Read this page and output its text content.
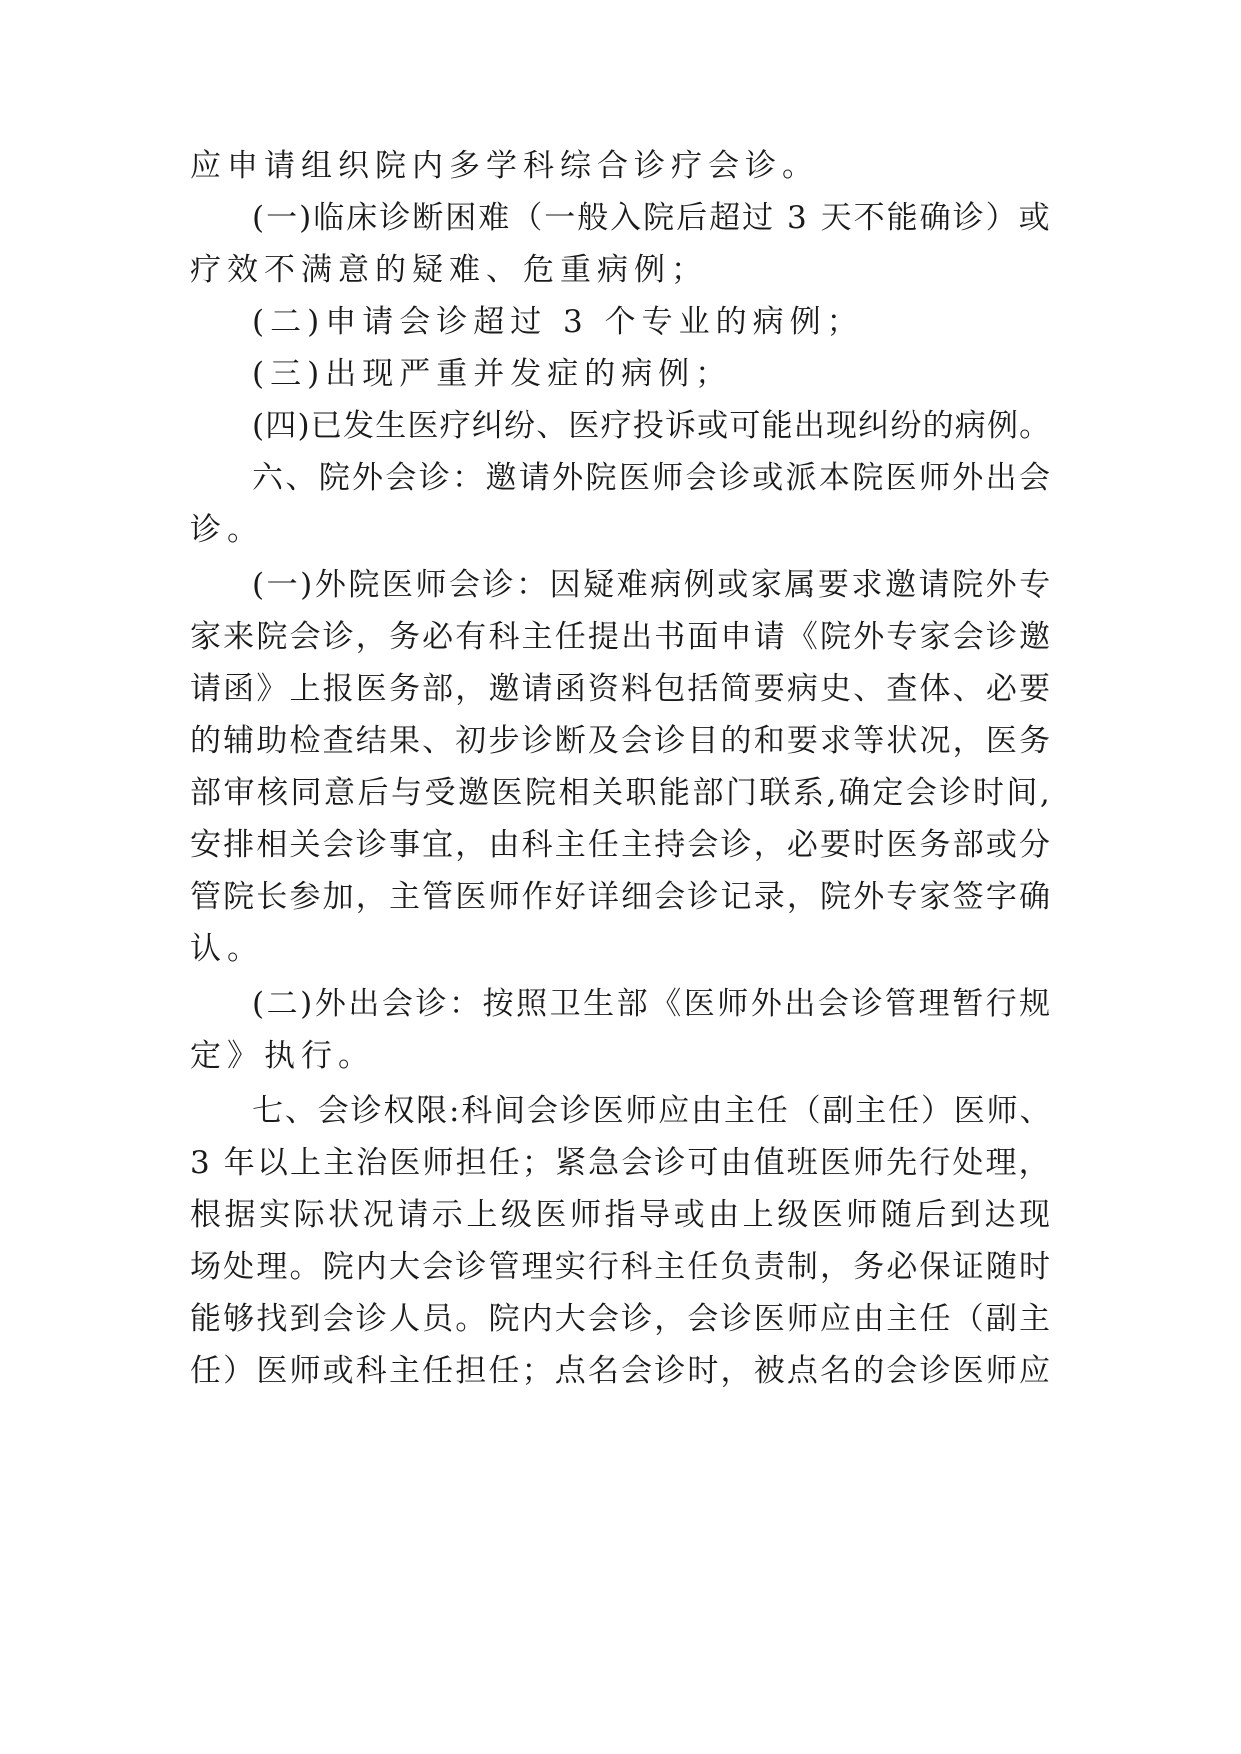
应申请组织院内多学科综合诊疗会诊。
(一)临床诊断困难（一般入院后超过 3 天不能确诊）或
疗效不满意的疑难、危重病例；
(二)申请会诊超过 3 个专业的病例；
(三)出现严重并发症的病例；
(四)已发生医疗纠纷、医疗投诉或可能出现纠纷的病例。
六、院外会诊：邀请外院医师会诊或派本院医师外出会
诊。
(一)外院医师会诊：因疑难病例或家属要求邀请院外专
家来院会诊，务必有科主任提出书面申请《院外专家会诊邀
请函》上报医务部，邀请函资料包括简要病史、查体、必要
的辅助检查结果、初步诊断及会诊目的和要求等状况，医务
部审核同意后与受邀医院相关职能部门联系,确定会诊时间,
安排相关会诊事宜，由科主任主持会诊，必要时医务部或分
管院长参加，主管医师作好详细会诊记录，院外专家签字确
认。
(二)外出会诊：按照卫生部《医师外出会诊管理暂行规
定》执行。
七、会诊权限:科间会诊医师应由主任（副主任）医师、
3 年以上主治医师担任；紧急会诊可由值班医师先行处理，
根据实际状况请示上级医师指导或由上级医师随后到达现
场处理。院内大会诊管理实行科主任负责制，务必保证随时
能够找到会诊人员。院内大会诊，会诊医师应由主任（副主
任）医师或科主任担任；点名会诊时，被点名的会诊医师应
